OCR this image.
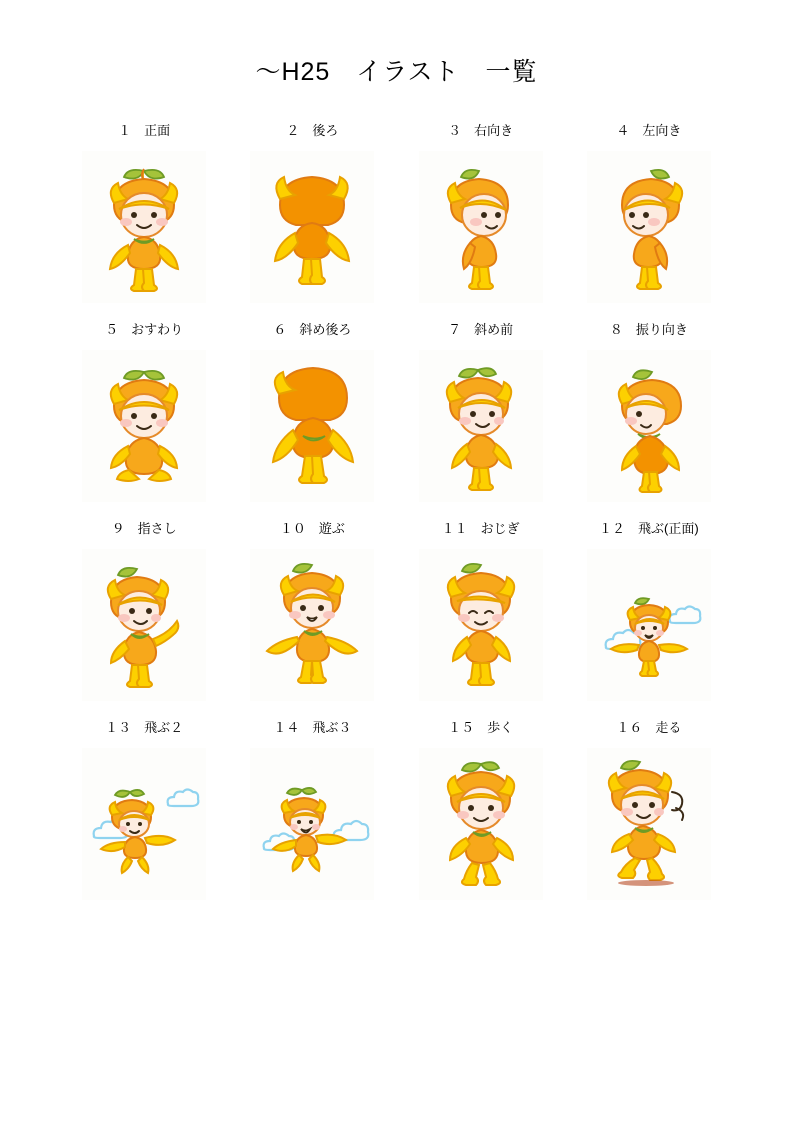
～H25　イラスト　一覧
１　正面	２　後ろ	３　右向き	４　左向き
５　おすわり	６　斜め後ろ	７　斜め前	８　振り向き
９　指さし	１０　遊ぶ	１１　おじぎ	１２　飛ぶ(正面)
１３　飛ぶ２	１４　飛ぶ３	１５　歩く	１６　走る
